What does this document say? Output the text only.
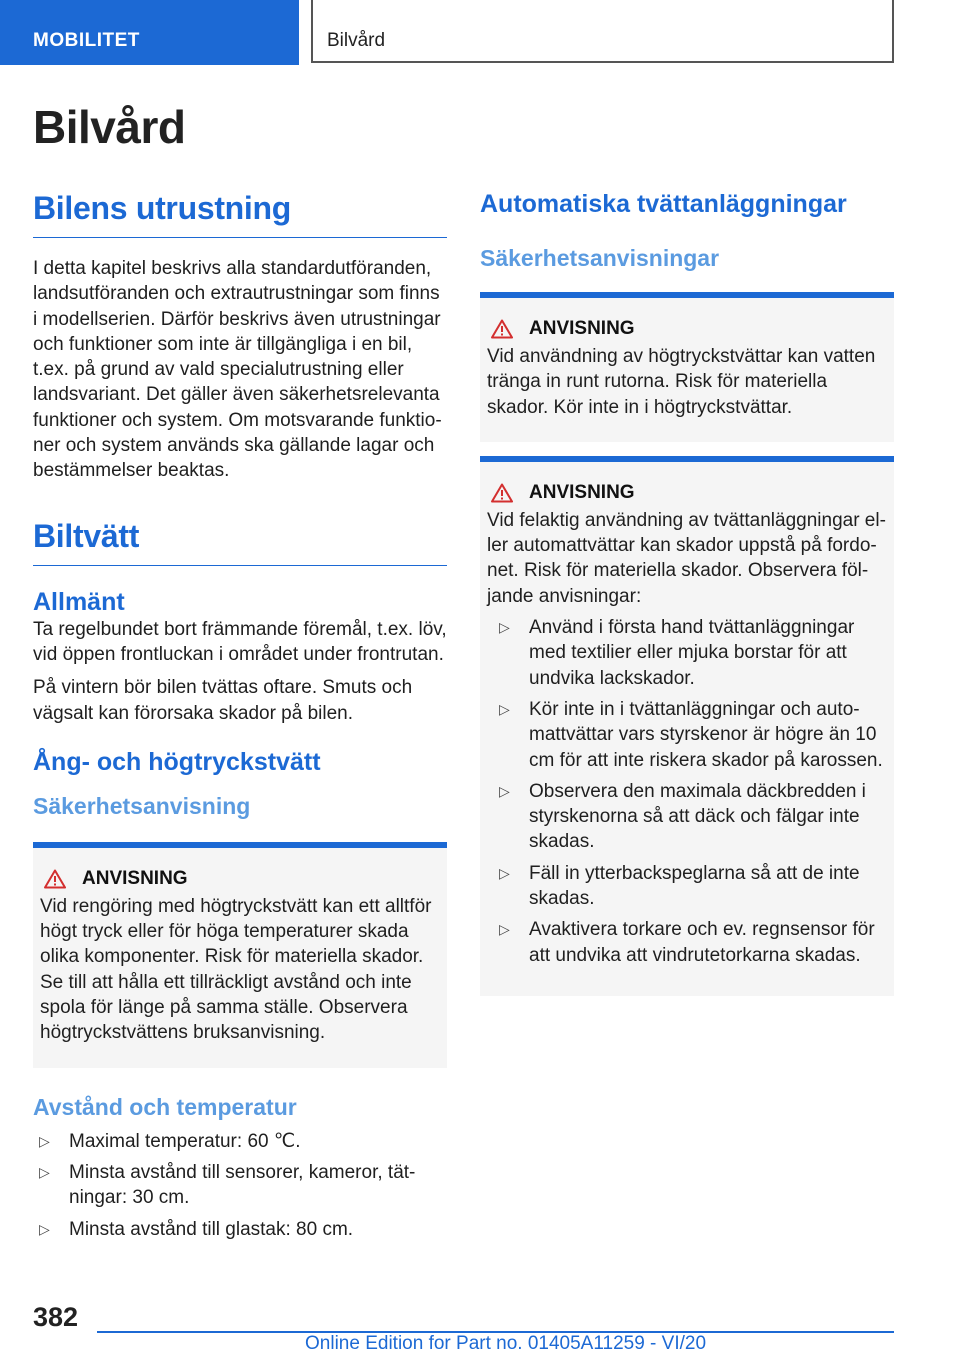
MOBILITET	Bilvård
Bilvård
Bilens utrustning

I detta kapitel beskrivs alla standardutföranden, landsutföranden och extrautrustningar som finns i modellserien. Därför beskrivs även utrustningar och funktioner som inte är tillgängliga i en bil, t.ex. på grund av vald specialutrustning eller landsvariant. Det gäller även säkerhetsrelevanta funktioner och system. Om motsvarande funktioner och system används ska gällande lagar och bestämmelser beaktas.

Biltvätt
Allmänt

Ta regelbundet bort främmande föremål, t.ex. löv, vid öppen frontluckan i området under frontrutan.

På vintern bör bilen tvättas oftare. Smuts och vägsalt kan förorsaka skador på bilen.

Ång- och högtryckstvätt
Säkerhetsanvisning
ANVISNING

Vid rengöring med högtryckstvätt kan ett alltför högt tryck eller för höga temperaturer skada olika komponenter. Risk för materiella skador. Se till att hålla ett tillräckligt avstånd och inte spola för länge på samma ställe. Observera högtryckstvättens bruksanvisning.

Avstånd och temperatur
▷ Maximal temperatur: 60 ℃.
▷ Minsta avstånd till sensorer, kameror, tätningar: 30 cm.
▷ Minsta avstånd till glastak: 80 cm.
Automatiska tvättanläggningar
Säkerhetsanvisningar
ANVISNING

Vid användning av högtryckstvättar kan vatten tränga in runt rutorna. Risk för materiella skador. Kör inte in i högtryckstvättar.

ANVISNING

Vid felaktig användning av tvättanläggningar eller automattvättar kan skador uppstå på fordonet. Risk för materiella skador. Observera följande anvisningar:

▷ Använd i första hand tvättanläggningar med textilier eller mjuka borstar för att undvika lackskador.
▷ Kör inte in i tvättanläggningar och automattvättar vars styrskenor är högre än 10 cm för att inte riskera skador på karossen.
▷ Observera den maximala däckbredden i styrskenorna så att däck och fälgar inte skadas.
▷ Fäll in ytterbackspeglarna så att de inte skadas.
▷ Avaktivera torkare och ev. regnsensor för att undvika att vindrutetorkarna skadas.
382
Online Edition for Part no. 01405A11259 - VI/20
